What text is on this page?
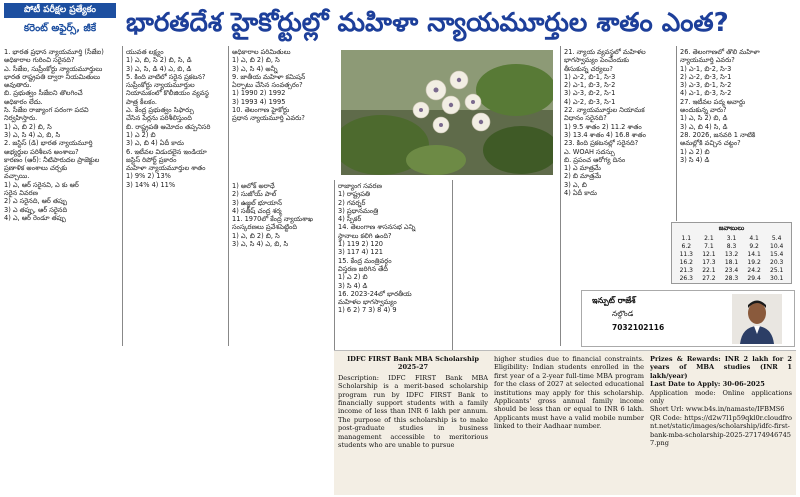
పోటీ పరీక్షల ప్రత్యేకం
కరెంట్ అఫైర్స్, జీకే	భారతదేశ హైకోర్టుల్లో మహిళా న్యాయమూర్తుల శాతం ఎంత?
1. భారత ప్రధాన న్యాయమూర్తి (సీజేఐ)
అధికారాల గురించి సరైనది?
ఎ. సీజేఐ, సుప్రీంకోర్టు న్యాయమూర్తులు
భారత రాష్ట్రపతి ద్వారా నియమితులు
అవుతారు.
బి. ప్రభుత్వం సీజేఐని తొలగించే
అధికారం లేదు.
సి. సీజేఐ రాజ్యాంగ పరంగా పదవి
నిర్వహిస్తారు.
1) ఎ, బి 2) బి, సి
3) ఎ, సి 4) ఎ, బి, సి
2. జస్టిస్ (డి) భారత న్యాయమూర్తి
అభ్యర్థుల పరిశీలన అంశాలు?
కారణం (ఆర్): నీటిపారుదల ప్రాజెక్టుల
ప్రణాళిక అంశాలు చర్చకు
వచ్చాయి.
1) ఎ, ఆర్ సరైనవి, ఎ కు ఆర్
సరైన వివరణ
2) ఎ సరైనది, ఆర్ తప్పు
3) ఎ తప్పు, ఆర్ సరైనది
4) ఎ, ఆర్ రెండూ తప్పు
యువత లక్ష్యం
1) ఎ, బి, సి 2) బి, సి, డి
3) ఎ, సి, డి 4) ఎ, బి, డి
5. కింది వాటిలో సరైన ప్రకటన?
సుప్రీంకోర్టు న్యాయమూర్తుల
నియామకంలో కొలీజియం వ్యవస్థ
పాత్ర కీలకం.
ఎ. కేంద్ర ప్రభుత్వం సిఫార్సు
చేసిన పేర్లను పరిశీలిస్తుంది
బి. రాష్ట్రపతి ఆమోదం తప్పనిసరి
1) ఎ 2) బి
3) ఎ, బి 4) ఏదీ కాదు
6. ఇటీవల విడుదలైన ఇండియా
జస్టిస్ రిపోర్ట్ ప్రకారం
మహిళా న్యాయమూర్తుల శాతం
1) 9% 2) 13%
3) 14% 4) 11%
అధికారాల పరిమితులు
1) ఎ, బి 2) బి, సి
3) ఎ, సి 4) అన్నీ
9. జాతీయ మహిళా కమిషన్
ఏర్పాటు చేసిన సంవత్సరం?
1) 1990 2) 1992
3) 1993 4) 1995
10. తెలంగాణ హైకోర్టు
ప్రధాన న్యాయమూర్తి ఎవరు?
1) అలోక్ అరాధే
2) సుజోయ్ పాల్
3) ఉజ్జల్ భూయాన్
4) సతీష్ చంద్ర శర్మ
11. 1970లో కేంద్ర న్యాయశాఖ
సంస్కరణలు ప్రవేశపెట్టింది
1) ఎ, బి 2) బి, సి
3) ఎ, సి 4) ఎ, బి, సి
రాజ్యాంగ సవరణ
1) రాష్ట్రపతి
2) గవర్నర్
3) ప్రధానమంత్రి
4) స్పీకర్
14. తెలంగాణ శాసనసభ ఎన్ని
స్థానాలు కలిగి ఉంది?
1) 119 2) 120
3) 117 4) 121
15. కేంద్ర మంత్రివర్గం
విస్తరణ జరిగిన తేదీ
1) ఎ 2) బి
3) సి 4) డి
16. 2023-24లో భారతీయ
మహిళల భాగస్వామ్యం
1) 6 2) 7 3) 8 4) 9
21. న్యాయ వ్యవస్థలో మహిళల
భాగస్వామ్యం పెంచేందుకు
తీసుకున్న చర్యలు?
1) ఎ-2, బి-1, సి-3
2) ఎ-1, బి-3, సి-2
3) ఎ-3, బి-2, సి-1
4) ఎ-2, బి-3, సి-1
22. న్యాయమూర్తుల నియామక
విధానం సరైనది?
1) 9.5 శాతం 2) 11.2 శాతం
3) 13.4 శాతం 4) 16.8 శాతం
23. కింది ప్రకటనల్లో సరైనది?
ఎ. WOAH సదస్సు
బి. ప్రపంచ ఆరోగ్య దినం
1) ఎ మాత్రమే
2) బి మాత్రమే
3) ఎ, బి
4) ఏదీ కాదు
26. తెలంగాణలో తొలి మహిళా
న్యాయమూర్తి ఎవరు?
1) ఎ-1, బి-2, సి-3
2) ఎ-2, బి-3, సి-1
3) ఎ-3, బి-1, సి-2
4) ఎ-1, బి-3, సి-2
27. ఇటీవల పద్మ అవార్డు
అందుకున్న వారు?
1) ఎ, సి 2) బి, డి
3) ఎ, బి 4) సి, డి
28. 2026, జనవరి 1 నాటికి
అమల్లోకి వచ్చిన చట్టం?
1) ఎ 2) బి
3) సి 4) డి
జవాబులు
1.1	2.1	3.1	4.1	5.4
6.2	7.1	8.3	9.2	10.4
11.3	12.1	13.2	14.1	15.4
16.2	17.3	18.1	19.2	20.3
21.3	22.1	23.4	24.2	25.1
26.3	27.2	28.3	29.4	30.1
ఇన్పుట్ రాజేశ్
నల్గొండ
7032102116
IDFC FIRST Bank MBA Scholarship 2025-27
Description: IDFC FIRST Bank MBA Scholarship is a merit-based scholarship program run by IDFC FIRST Bank to financially support students with a family income of less than INR 6 lakh per annum. The purpose of this scholarship is to make post-graduate studies in business management accessible to meritorious students who are unable to pursue
higher studies due to financial constraints. Eligibility: Indian students enrolled in the first year of a 2-year full-time MBA program for the class of 2027 at selected educational institutions may apply for this scholarship. Applicants' gross annual family income should be less than or equal to INR 6 lakh. Applicants must have a valid mobile number linked to their Aadhaar number.
Prizes & Rewards: INR 2 lakh for 2 years of MBA studies (INR 1 lakh/year)
Last Date to Apply: 30-06-2025
Application mode: Online applications only
Short Url: www.b4s.in/namaste/IFBMS6
QR Code: https://d2w7l1p59qkl0r.cloudfront.net/static/images/scholarship/idfc-first-bank-mba-scholarship-2025-271749467457.png
